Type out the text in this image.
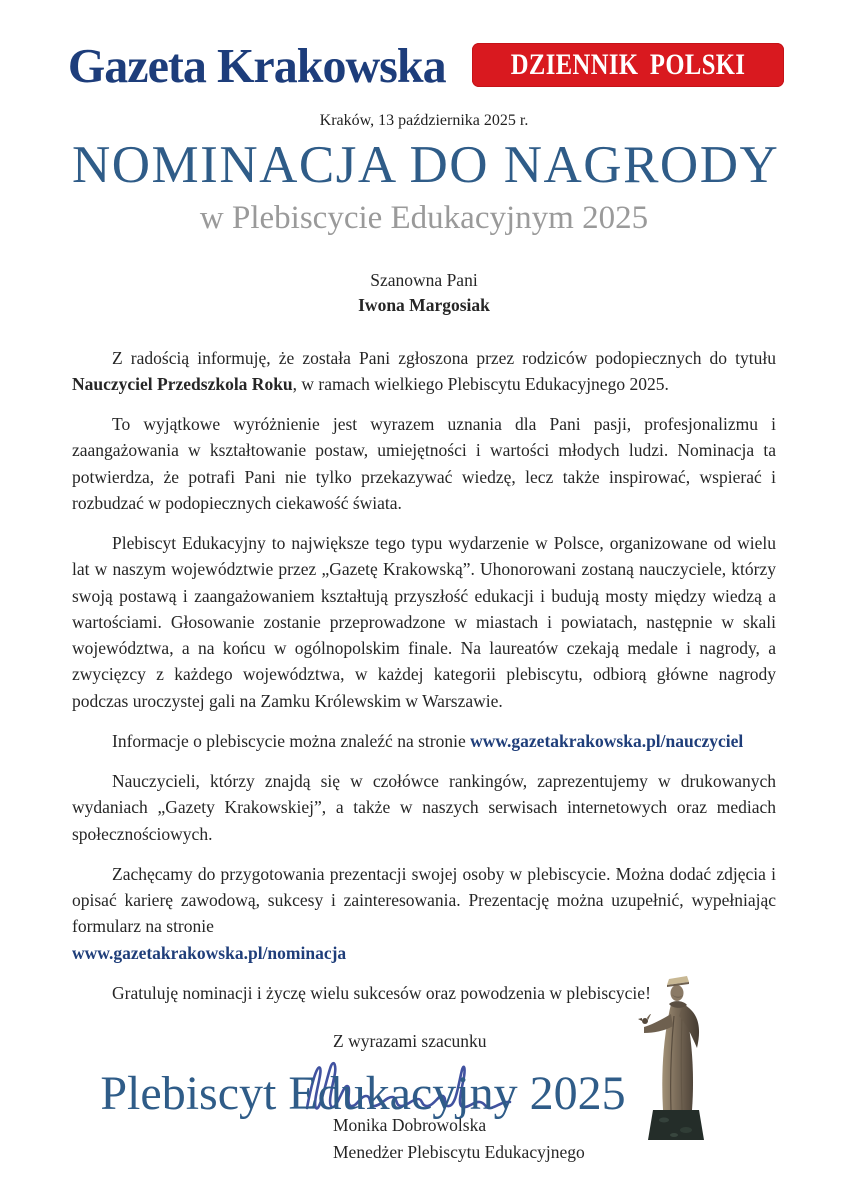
Gazeta Krakowska	DZIENNIK POLSKI
Kraków, 13 października 2025 r.
NOMINACJA DO NAGRODY
w Plebiscycie Edukacyjnym 2025
Szanowna Pani
Iwona Margosiak

Z radością informuję, że została Pani zgłoszona przez rodziców podopiecznych do tytułu Nauczyciel Przedszkola Roku, w ramach wielkiego Plebiscytu Edukacyjnego 2025.

To wyjątkowe wyróżnienie jest wyrazem uznania dla Pani pasji, profesjonalizmu i zaangażowania w kształtowanie postaw, umiejętności i wartości młodych ludzi. Nominacja ta potwierdza, że potrafi Pani nie tylko przekazywać wiedzę, lecz także inspirować, wspierać i rozbudzać w podopiecznych ciekawość świata.

Plebiscyt Edukacyjny to największe tego typu wydarzenie w Polsce, organizowane od wielu lat w naszym województwie przez „Gazetę Krakowską”. Uhonorowani zostaną nauczyciele, którzy swoją postawą i zaangażowaniem kształtują przyszłość edukacji i budują mosty między wiedzą a wartościami. Głosowanie zostanie przeprowadzone w miastach i powiatach, następnie w skali województwa, a na końcu w ogólnopolskim finale. Na laureatów czekają medale i nagrody, a zwycięzcy z każdego województwa, w każdej kategorii plebiscytu, odbiorą główne nagrody podczas uroczystej gali na Zamku Królewskim w Warszawie.

Informacje o plebiscycie można znaleźć na stronie www.gazetakrakowska.pl/nauczyciel

Nauczycieli, którzy znajdą się w czołówce rankingów, zaprezentujemy w drukowanych wydaniach „Gazety Krakowskiej”, a także w naszych serwisach internetowych oraz mediach społecznościowych.

Zachęcamy do przygotowania prezentacji swojej osoby w plebiscycie. Można dodać zdjęcia i opisać karierę zawodową, sukcesy i zainteresowania. Prezentację można uzupełnić, wypełniając formularz na stronie
www.gazetakrakowska.pl/nominacja

Gratuluję nominacji i życzę wielu sukcesów oraz powodzenia w plebiscycie!

Z wyrazami szacunku
Monika Dobrowolska
Menedżer Plebiscytu Edukacyjnego
Plebiscyt Edukacyjny 2025
